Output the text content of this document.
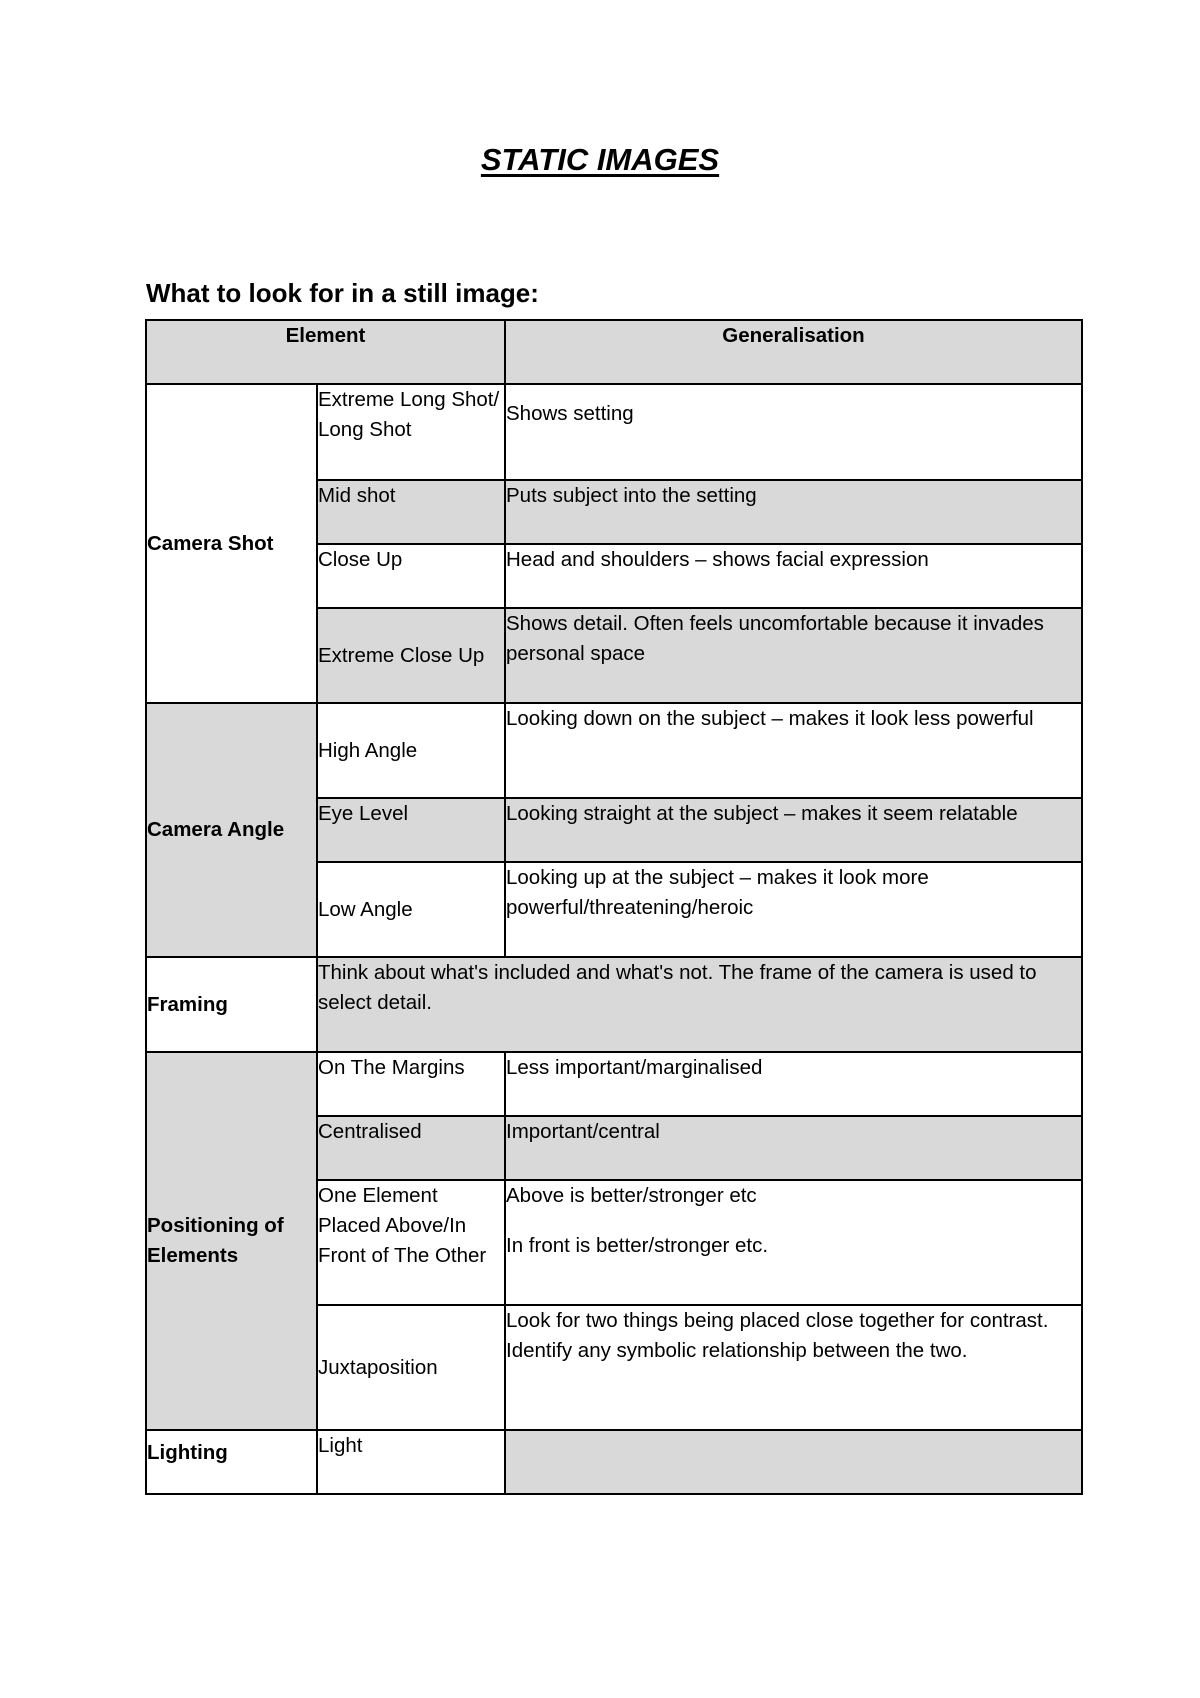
STATIC IMAGES
What to look for in a still image:
Element		Generalisation
Camera Shot	Extreme Long Shot/ Long Shot	Shows setting

	Mid shot	Puts subject into the setting
	Close Up	Head and shoulders – shows facial expression
	Extreme Close Up	Shows detail. Often feels uncomfortable because it invades personal space
Camera Angle	High Angle	Looking down on the subject – makes it look less powerful
	Eye Level	Looking straight at the subject – makes it seem relatable
	Low Angle	Looking up at the subject – makes it look more powerful/threatening/heroic
Framing	Think about what's included and what's not. The frame of the camera is used to select detail.	
Positioning of Elements	On The Margins	Less important/marginalised
	Centralised	Important/central
	One Element Placed Above/In Front of The Other	Above is better/stronger etc
In front is better/stronger etc.

	Juxtaposition	Look for two things being placed close together for contrast. Identify any symbolic relationship between the two.
Lighting	Light	
